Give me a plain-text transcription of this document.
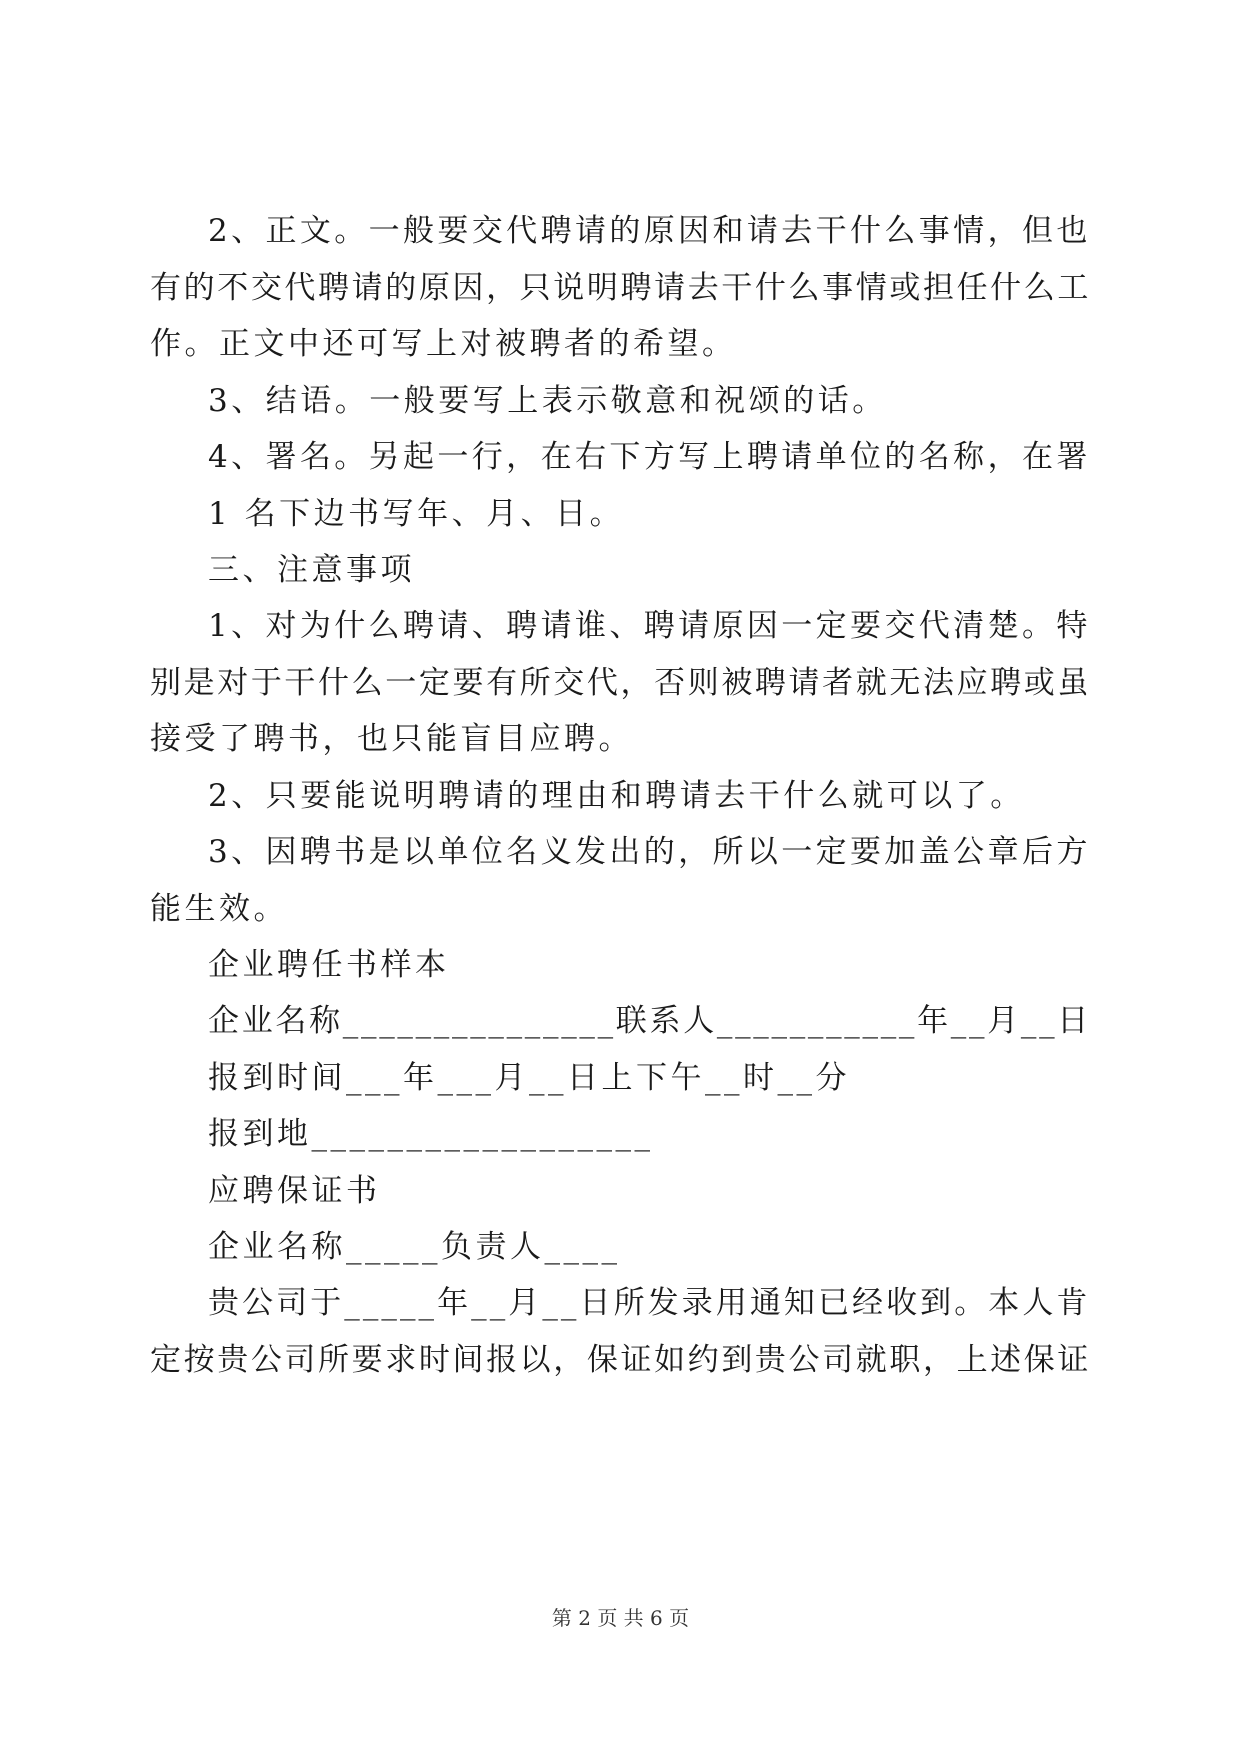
2、正文。一般要交代聘请的原因和请去干什么事情，但也
有的不交代聘请的原因，只说明聘请去干什么事情或担任什么工
作。正文中还可写上对被聘者的希望。
3、结语。一般要写上表示敬意和祝颂的话。
4、署名。另起一行，在右下方写上聘请单位的名称，在署
1 名下边书写年、月、日。
三、注意事项
1、对为什么聘请、聘请谁、聘请原因一定要交代清楚。特
别是对于干什么一定要有所交代，否则被聘请者就无法应聘或虽
接受了聘书，也只能盲目应聘。
2、只要能说明聘请的理由和聘请去干什么就可以了。
3、因聘书是以单位名义发出的，所以一定要加盖公章后方
能生效。
企业聘任书样本
企业名称_______________联系人___________年__月__日
报到时间___年___月__日上下午__时__分
报到地__________________
应聘保证书
企业名称_____负责人____
贵公司于_____年__月__日所发录用通知已经收到。本人肯
定按贵公司所要求时间报以，保证如约到贵公司就职，上述保证
第 2 页 共 6 页
